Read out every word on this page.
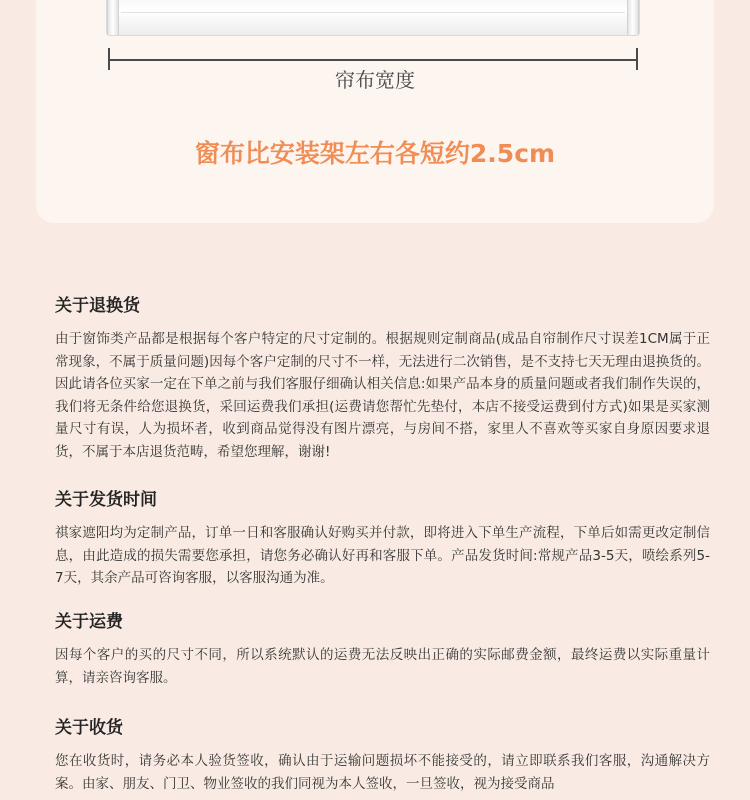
帘布宽度
窗布比安装架左右各短约2.5cm
关于退换货

由于窗饰类产品都是根据每个客户特定的尺寸定制的。根据规则定制商品(成品自帘制作尺寸误差1CM属于正常现象，不属于质量问题)因每个客户定制的尺寸不一样，无法进行二次销售，是不支持七天无理由退换货的。因此请各位买家一定在下单之前与我们客服仔细确认相关信息:如果产品本身的质量问题或者我们制作失误的，我们将无条件给您退换货，采回运费我们承担(运费请您帮忙先垫付，本店不接受运费到付方式)如果是买家测量尺寸有误，人为损坏者，收到商品觉得没有图片漂亮，与房间不搭，家里人不喜欢等买家自身原因要求退货，不属于本店退货范畴，希望您理解，谢谢!

关于发货时间

祺家遮阳均为定制产品，订单一日和客服确认好购买并付款，即将进入下单生产流程，下单后如需更改定制信息，由此造成的损失需要您承担，请您务必确认好再和客服下单。产品发货时间:常规产品3-5天，喷绘系列5-7天，其余产品可咨询客服，以客服沟通为准。

关于运费

因每个客户的买的尺寸不同，所以系统默认的运费无法反映出正确的实际邮费金额，最终运费以实际重量计算，请亲咨询客服。

关于收货

您在收货时，请务必本人验货签收，确认由于运输问题损坏不能接受的，请立即联系我们客服，沟通解决方案。由家、朋友、门卫、物业签收的我们同视为本人签收，一旦签收，视为接受商品
